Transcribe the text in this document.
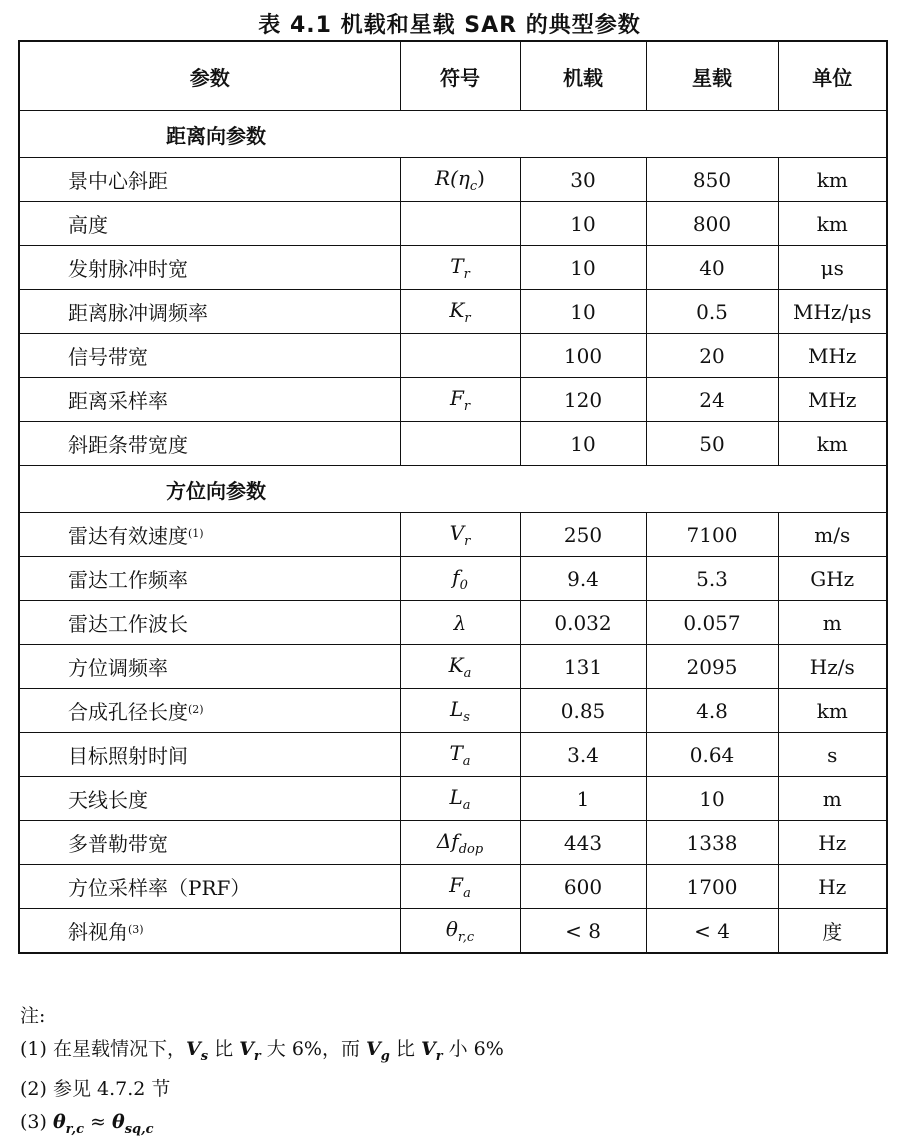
表 4.1 机载和星载 SAR 的典型参数
参数	符号	机载	星载	单位
距离向参数				
景中心斜距	$R(\eta_c)$	30	850	km
高度		10	800	km
发射脉冲时宽	$T_r$	10	40	μs
距离脉冲调频率	$K_r$	10	0.5	MHz/μs
信号带宽		100	20	MHz
距离采样率	$F_r$	120	24	MHz
斜距条带宽度		10	50	km
方位向参数				
雷达有效速度$^{(1)}$	$V_r$	250	7100	m/s
雷达工作频率	$f_0$	9.4	5.3	GHz
雷达工作波长	λ	0.032	0.057	m
方位调频率	$K_a$	131	2095	Hz/s
合成孔径长度$^{(2)}$	$L_s$	0.85	4.8	km
目标照射时间	$T_a$	3.4	0.64	s
天线长度	$L_a$	1	10	m
多普勒带宽	$\Delta f_{dop}$	443	1338	Hz
方位采样率（PRF）	$F_a$	600	1700	Hz
斜视角$^{(3)}$	$\theta_{r,c}$	< 8	< 4	度
注:
(1) 在星载情况下，$V_s$ 比 $V_r$ 大 6%，而 $V_g$ 比 $V_r$ 小 6%
(2) 参见 4.7.2 节
(3) $\theta_{r,c} \approx \theta_{sq,c}$
